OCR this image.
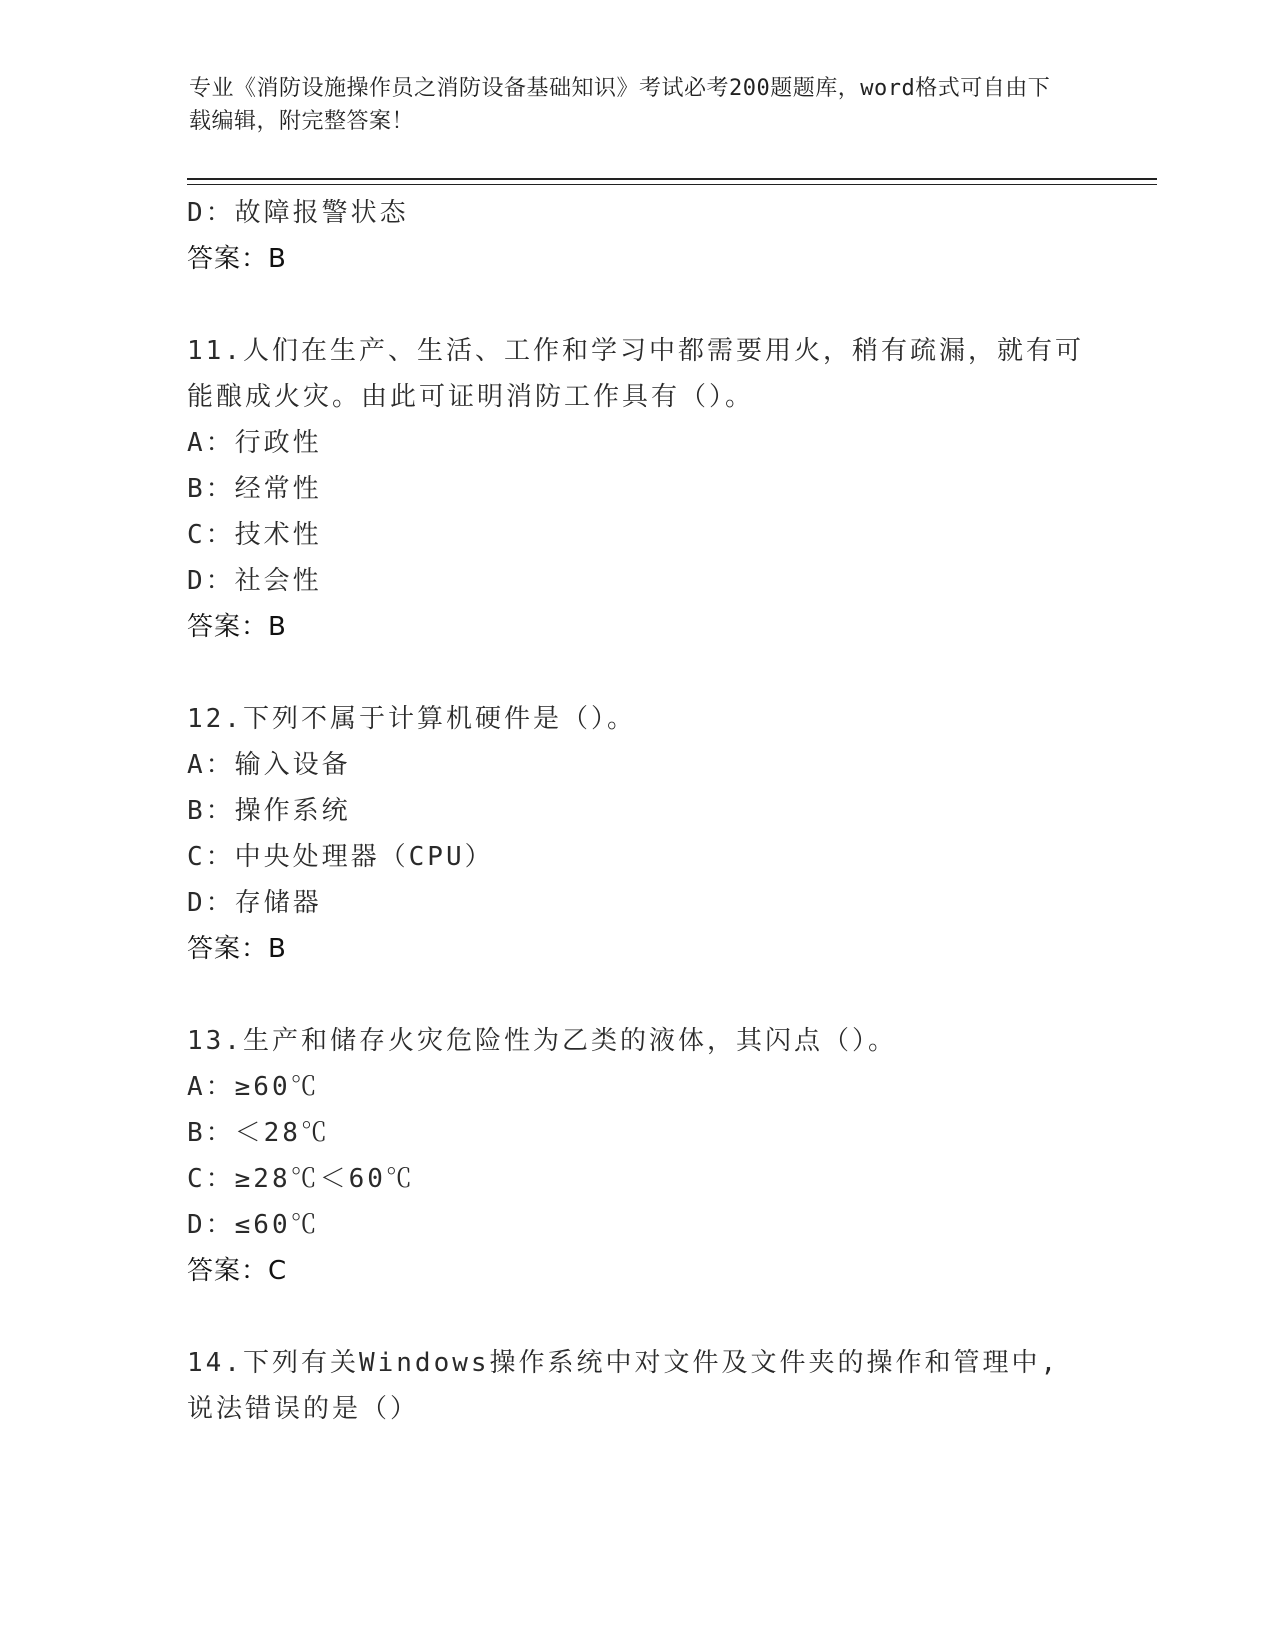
专业《消防设施操作员之消防设备基础知识》考试必考200题题库，word格式可自由下载编辑，附完整答案！
D：故障报警状态
答案：B
11.人们在生产、生活、工作和学习中都需要用火，稍有疏漏，就有可能酿成火灾。由此可证明消防工作具有（）。
A：行政性
B：经常性
C：技术性
D：社会性
答案：B
12.下列不属于计算机硬件是（）。
A：输入设备
B：操作系统
C：中央处理器（CPU）
D：存储器
答案：B
13.生产和储存火灾危险性为乙类的液体，其闪点（）。
A：≥60℃
B：＜28℃
C：≥28℃＜60℃
D：≤60℃
答案：C
14.下列有关Windows操作系统中对文件及文件夹的操作和管理中,说法错误的是（）
